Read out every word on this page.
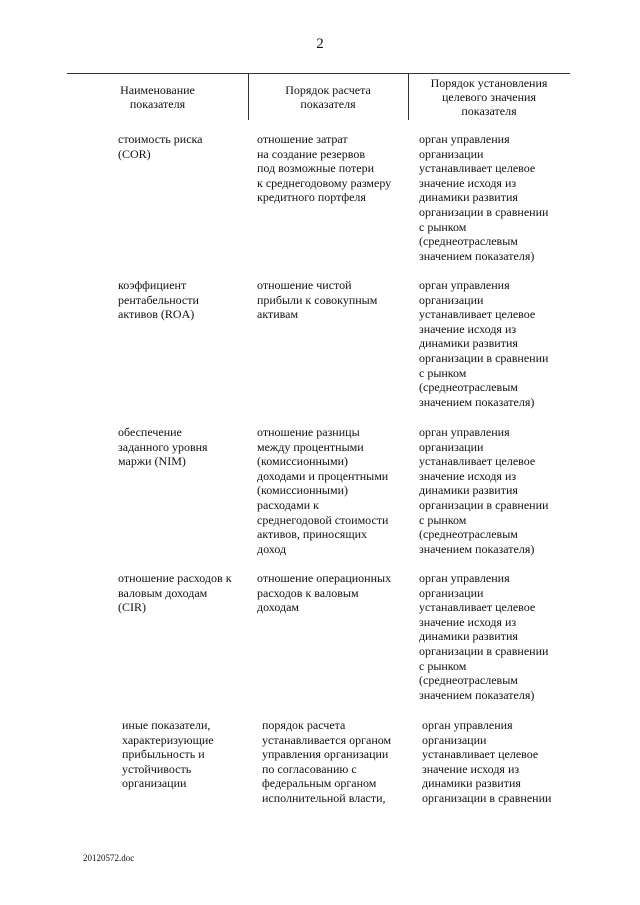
2
Наименование
показателя
Порядок расчета
показателя
Порядок установления
целевого значения
показателя
стоимость риска
(COR)
отношение затрат
на создание резервов
под возможные потери
к среднегодовому размеру
кредитного портфеля
орган управления
организации
устанавливает целевое
значение исходя из
динамики развития
организации в сравнении
с рынком
(среднеотраслевым
значением показателя)
коэффициент
рентабельности
активов (ROA)
отношение чистой
прибыли к совокупным
активам
орган управления
организации
устанавливает целевое
значение исходя из
динамики развития
организации в сравнении
с рынком
(среднеотраслевым
значением показателя)
обеспечение
заданного уровня
маржи (NIM)
отношение разницы
между процентными
(комиссионными)
доходами и процентными
(комиссионными)
расходами к
среднегодовой стоимости
активов, приносящих
доход
орган управления
организации
устанавливает целевое
значение исходя из
динамики развития
организации в сравнении
с рынком
(среднеотраслевым
значением показателя)
отношение расходов к
валовым доходам
(CIR)
отношение операционных
расходов к валовым
доходам
орган управления
организации
устанавливает целевое
значение исходя из
динамики развития
организации в сравнении
с рынком
(среднеотраслевым
значением показателя)
иные показатели,
характеризующие
прибыльность и
устойчивость
организации
порядок расчета
устанавливается органом
управления организации
по согласованию с
федеральным органом
исполнительной власти,
орган управления
организации
устанавливает целевое
значение исходя из
динамики развития
организации в сравнении
20120572.doc
